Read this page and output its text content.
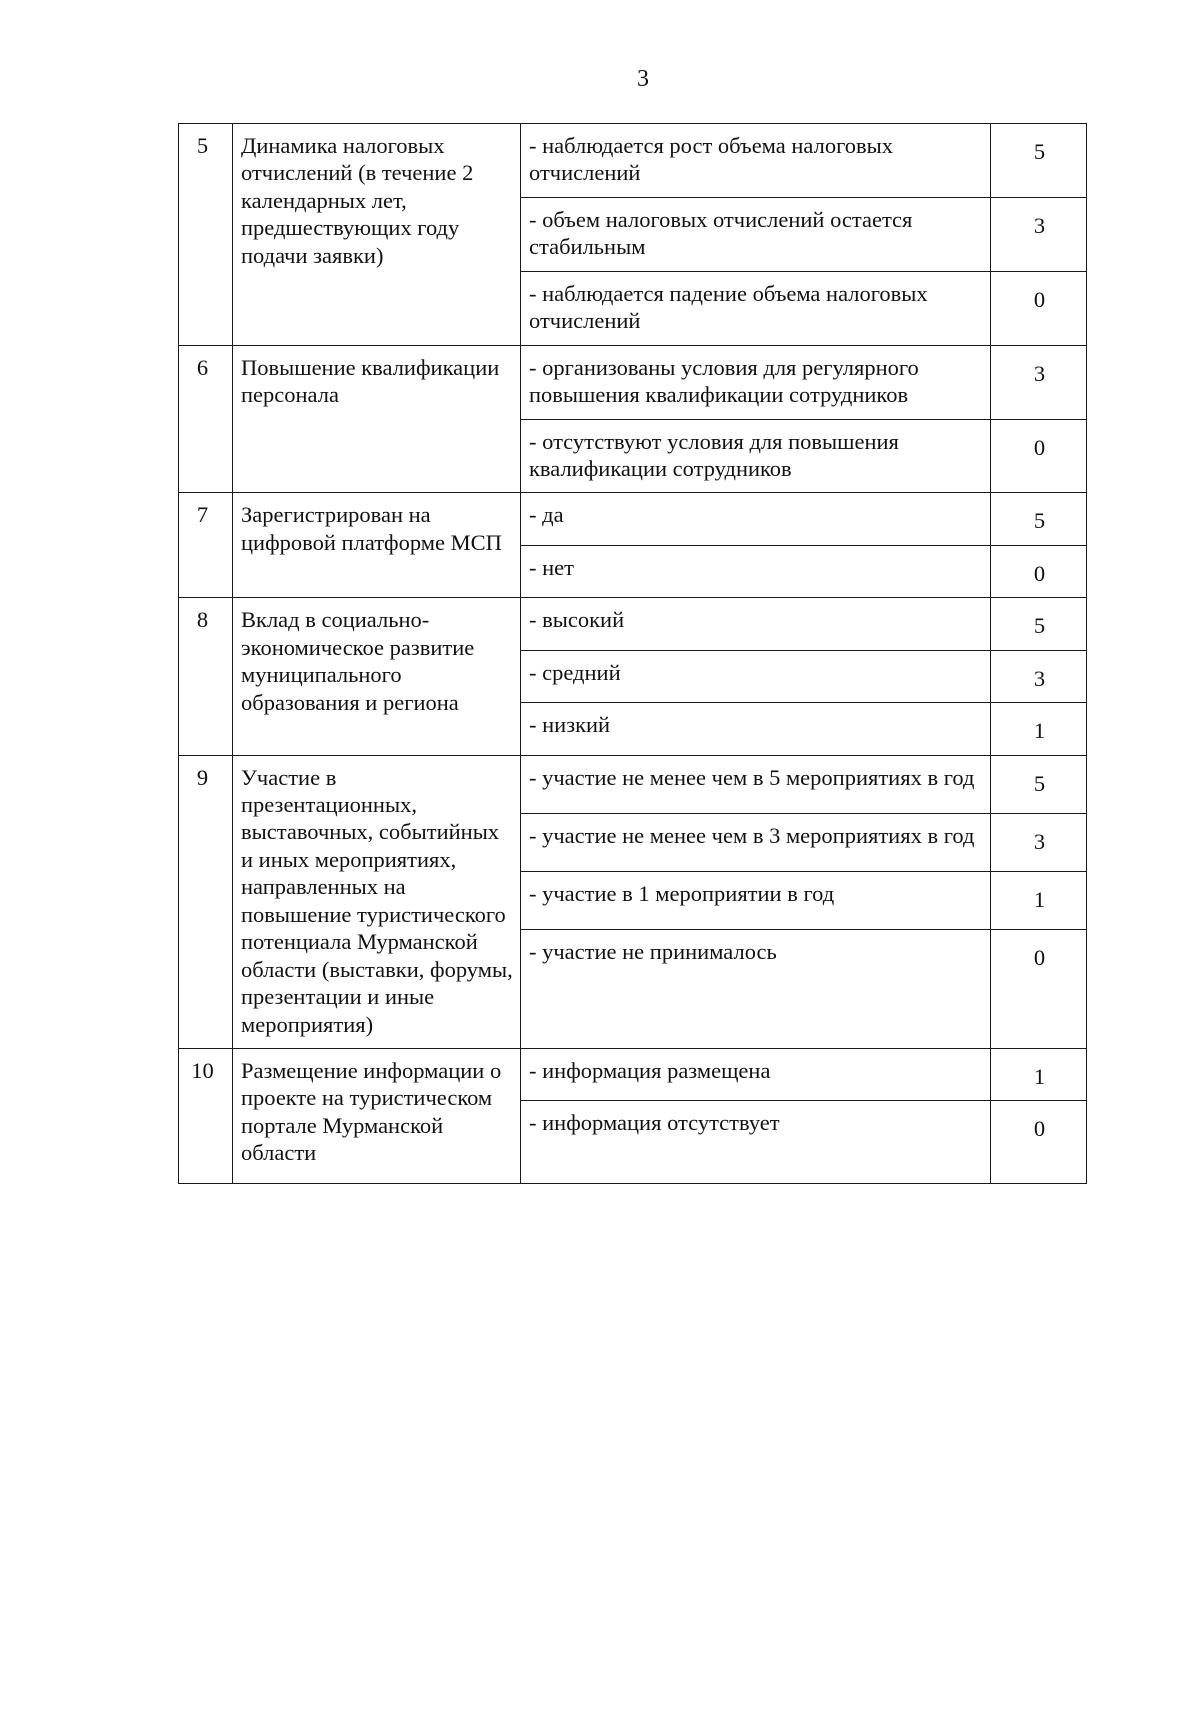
3
5	Динамика налоговых отчислений (в течение 2 календарных лет, предшествующих году подачи заявки)	- наблюдается рост объема налоговых отчислений	5
		- объем налоговых отчислений остается стабильным	3
		- наблюдается падение объема налоговых отчислений	0
6	Повышение квалификации персонала	- организованы условия для регулярного повышения квалификации сотрудников	3
		- отсутствуют условия для повышения квалификации сотрудников	0
7	Зарегистрирован на цифровой платформе МСП	- да	5
		- нет	0
8	Вклад в социально-экономическое развитие муниципального образования и региона	- высокий	5
		- средний	3
		- низкий	1
9	Участие в презентационных, выставочных, событийных и иных мероприятиях, направленных на повышение туристического потенциала Мурманской области (выставки, форумы, презентации и иные мероприятия)	- участие не менее чем в 5 мероприятиях в год	5
		- участие не менее чем в 3 мероприятиях в год	3
		- участие в 1 мероприятии в год	1
		- участие не принималось	0
10	Размещение информации о проекте на туристическом портале Мурманской области	- информация размещена	1
		- информация отсутствует	0
